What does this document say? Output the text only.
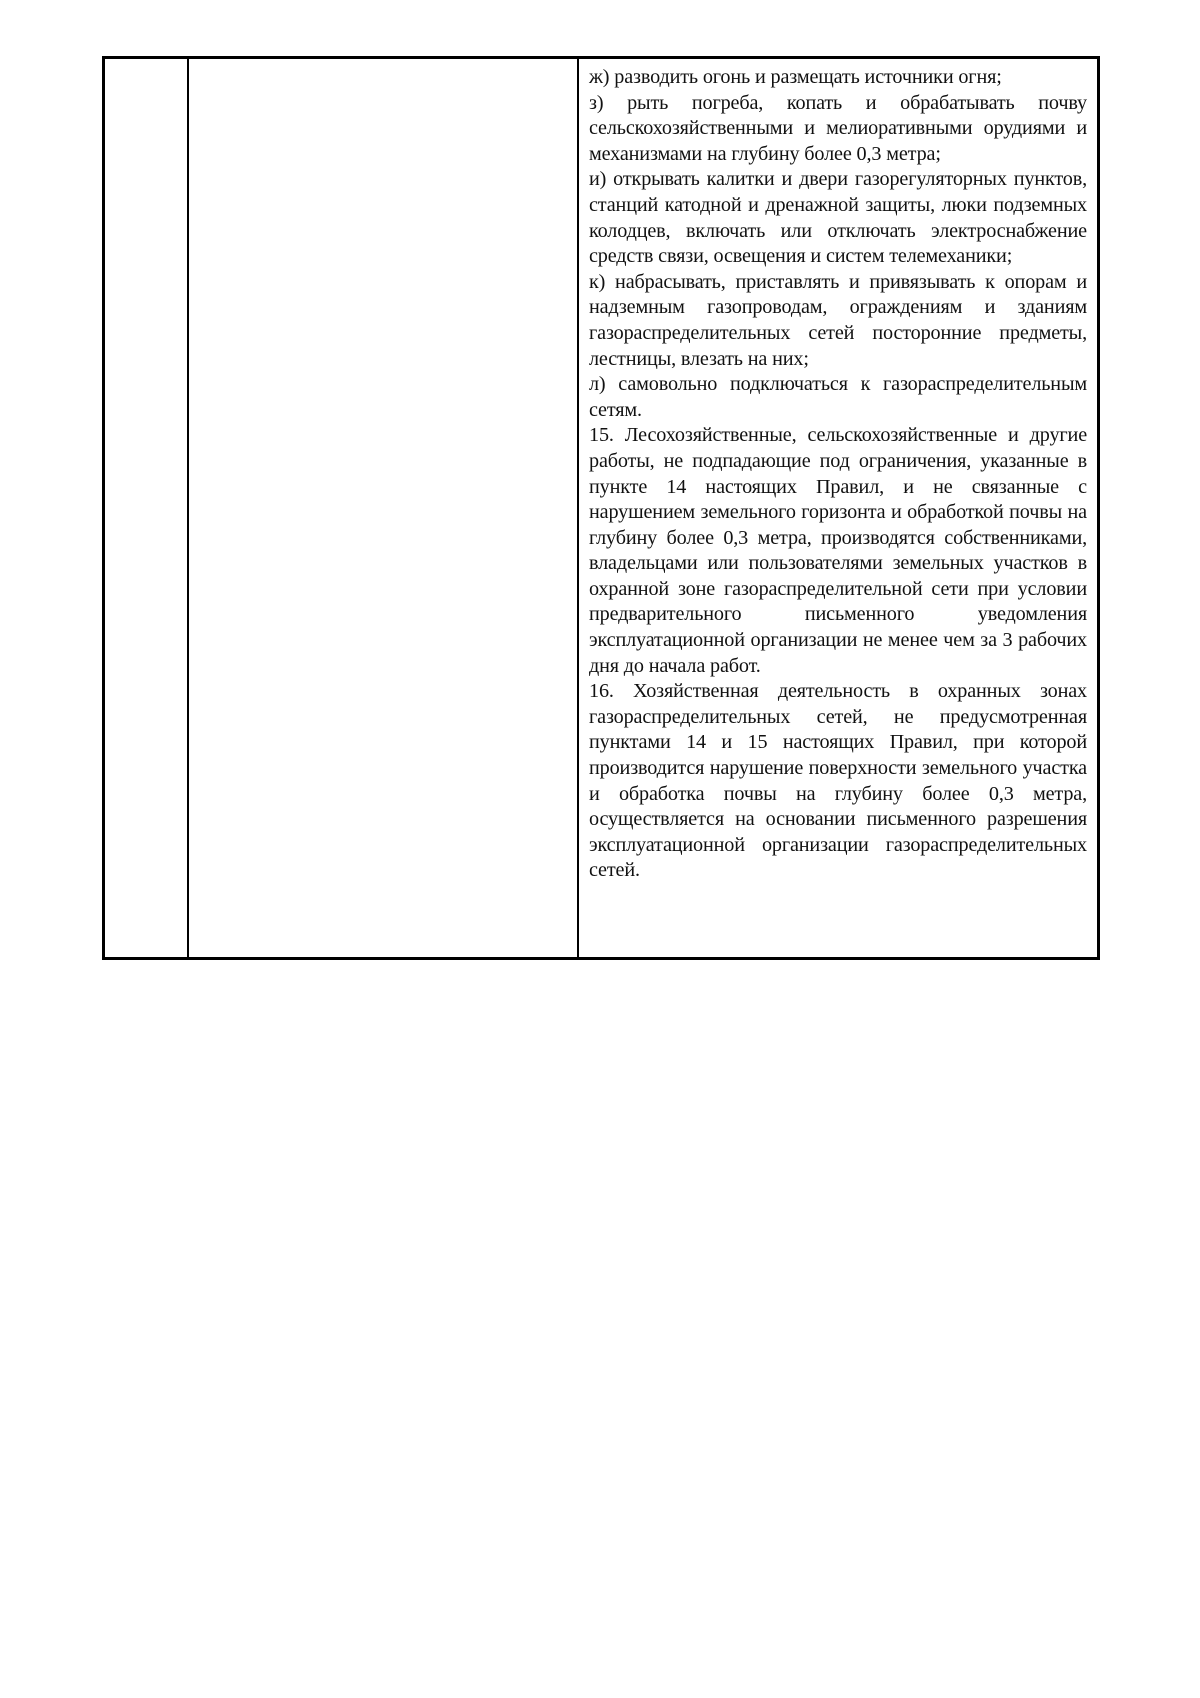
ж) разводить огонь и размещать источники огня;

з) рыть погреба, копать и обрабатывать почву сельскохозяйственными и мелиоративными орудиями и механизмами на глубину более 0,3 метра;

и) открывать калитки и двери газорегуляторных пунктов, станций катодной и дренажной защиты, люки подземных колодцев, включать или отключать электроснабжение средств связи, освещения и систем телемеханики;

к) набрасывать, приставлять и привязывать к опорам и надземным газопроводам, ограждениям и зданиям газораспределительных сетей посторонние предметы, лестницы, влезать на них;

л) самовольно подключаться к газораспределительным сетям.

15. Лесохозяйственные, сельскохозяйственные и другие работы, не подпадающие под ограничения, указанные в пункте 14 настоящих Правил, и не связанные с нарушением земельного горизонта и обработкой почвы на глубину более 0,3 метра, производятся собственниками, владельцами или пользователями земельных участков в охранной зоне газораспределительной сети при условии предварительного письменного уведомления эксплуатационной организации не менее чем за 3 рабочих дня до начала работ.

16. Хозяйственная деятельность в охранных зонах газораспределительных сетей, не предусмотренная пунктами 14 и 15 настоящих Правил, при которой производится нарушение поверхности земельного участка и обработка почвы на глубину более 0,3 метра, осуществляется на основании письменного разрешения эксплуатационной организации газораспределительных сетей.
